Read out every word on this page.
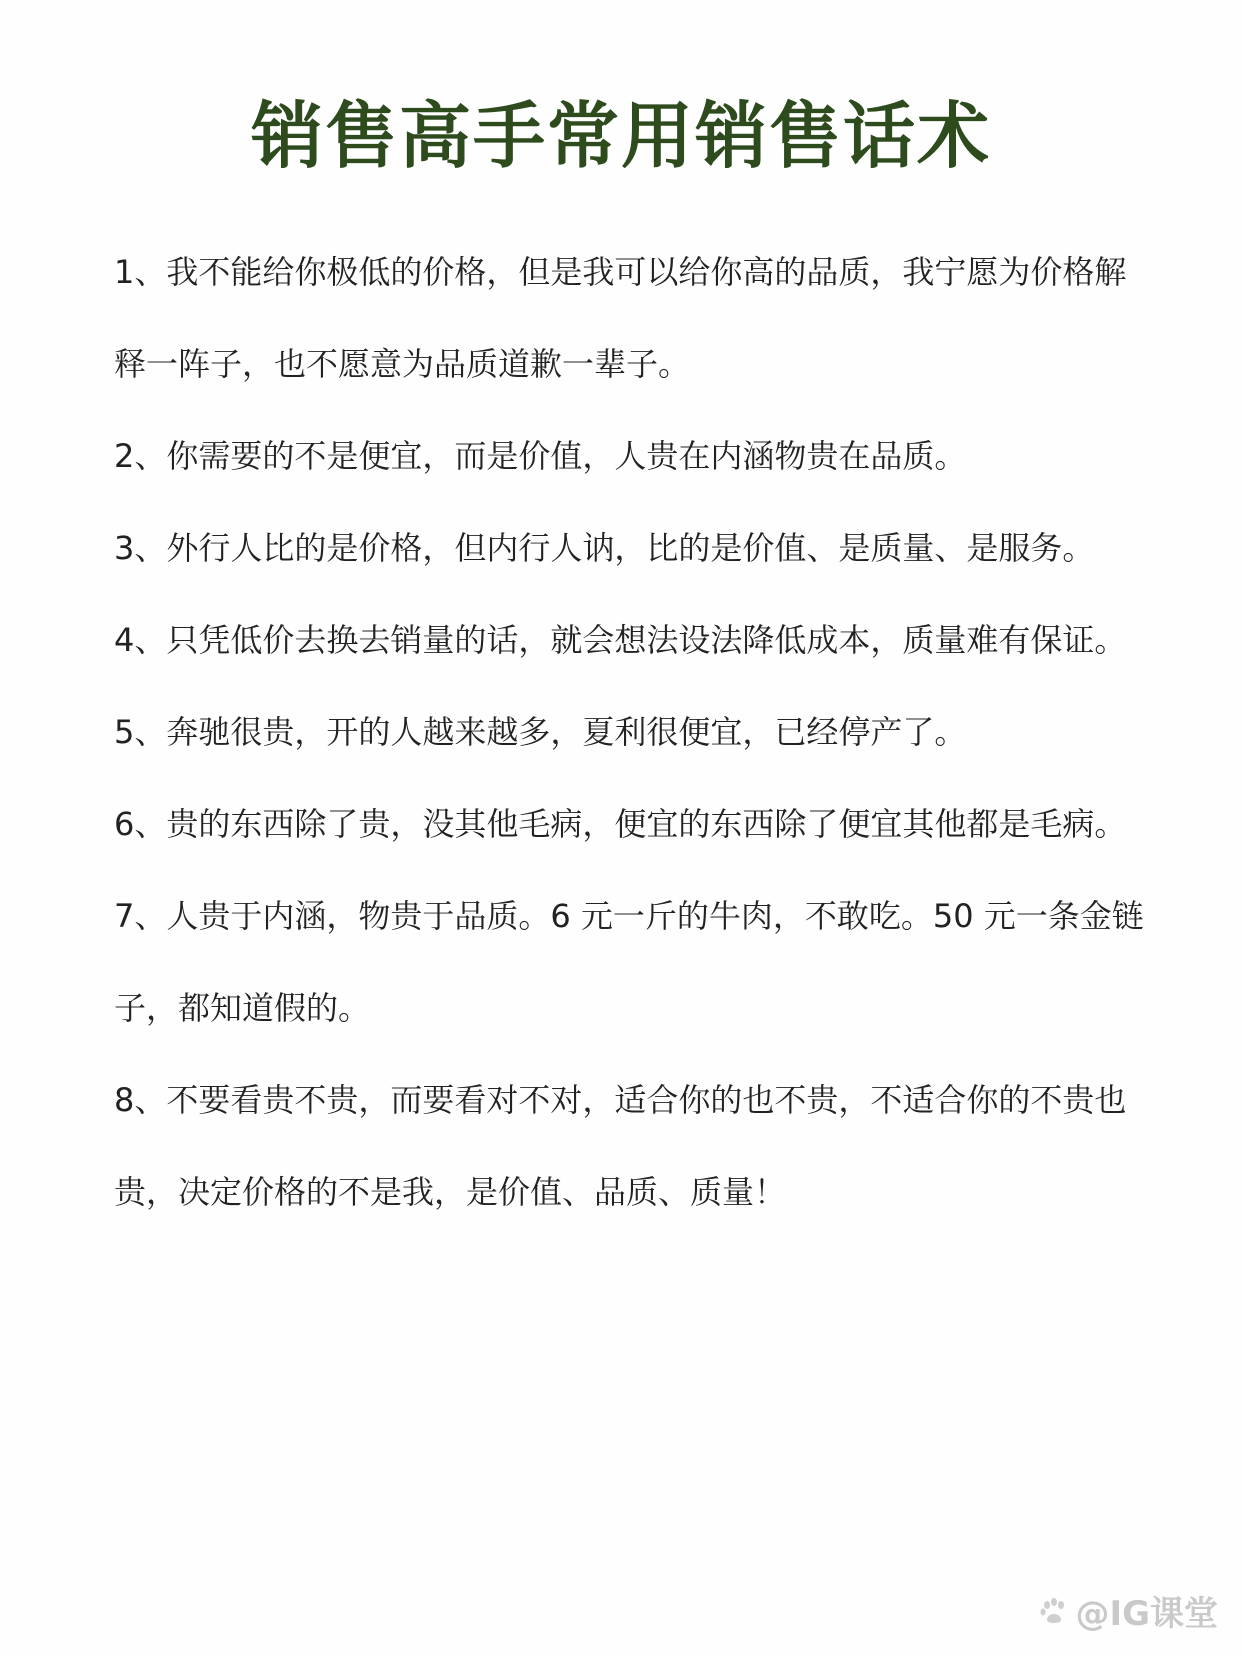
销售高手常用销售话术

1、我不能给你极低的价格，但是我可以给你高的品质，我宁愿为价格解释一阵子，也不愿意为品质道歉一辈子。

2、你需要的不是便宜，而是价值，人贵在内涵物贵在品质。

3、外行人比的是价格，但内行人讷，比的是价值、是质量、是服务。

4、只凭低价去换去销量的话，就会想法设法降低成本，质量难有保证。

5、奔驰很贵，开的人越来越多，夏利很便宜，已经停产了。

6、贵的东西除了贵，没其他毛病，便宜的东西除了便宜其他都是毛病。

7、人贵于内涵，物贵于品质。6 元一斤的牛肉，不敢吃。50 元一条金链子，都知道假的。

8、不要看贵不贵，而要看对不对，适合你的也不贵，不适合你的不贵也贵，决定价格的不是我，是价值、品质、质量！

@IG课堂
